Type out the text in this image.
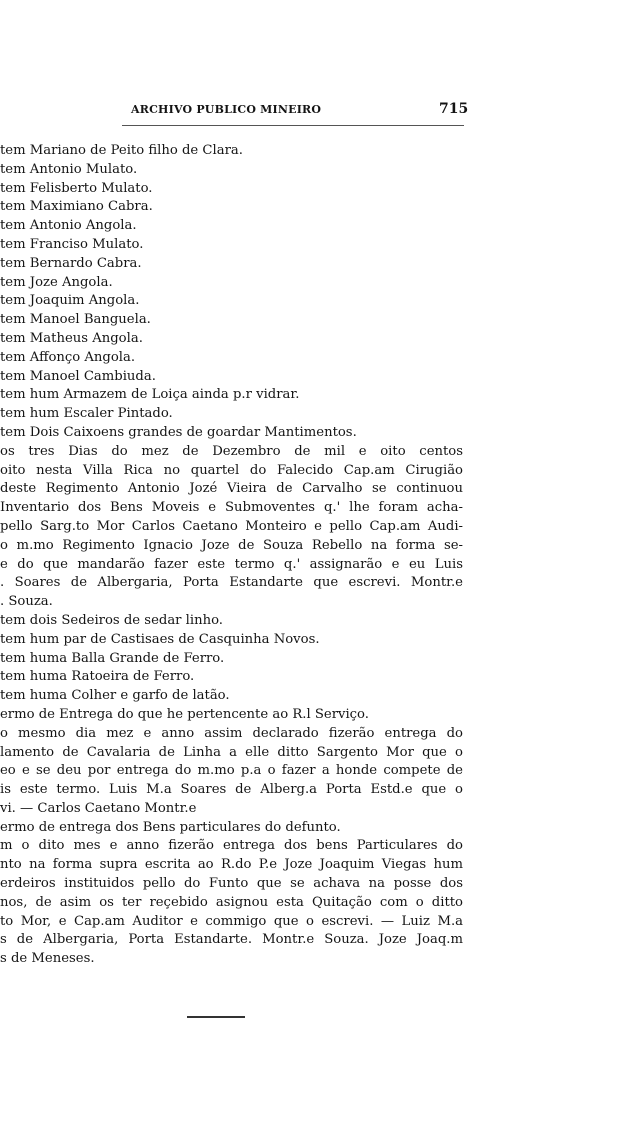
ARCHIVO PUBLICO MINEIRO	715
tem Mariano de Peito filho de Clara.
tem Antonio Mulato.
tem Felisberto Mulato.
tem Maximiano Cabra.
tem Antonio Angola.
tem Franciso Mulato.
tem Bernardo Cabra.
tem Joze Angola.
tem Joaquim Angola.
tem Manoel Banguela.
tem Matheus Angola.
tem Affonço Angola.
tem Manoel Cambiuda.
tem hum Armazem de Loiça ainda p.r vidrar.
tem hum Escaler Pintado.
tem Dois Caixoens grandes de goardar Mantimentos.
os tres Dias do mez de Dezembro de mil e oito centos
oito nesta Villa Rica no quartel do Falecido Cap.am Cirugião
deste Regimento Antonio Jozé Vieira de Carvalho se continuou
Inventario dos Bens Moveis e Submoventes q.' lhe foram acha-
pello Sarg.to Mor Carlos Caetano Monteiro e pello Cap.am Audi-
o m.mo Regimento Ignacio Joze de Souza Rebello na forma se-
e do que mandarão fazer este termo q.' assignarão e eu Luis
. Soares de Albergaria, Porta Estandarte que escrevi. Montr.e
. Souza.
tem dois Sedeiros de sedar linho.
tem hum par de Castisaes de Casquinha Novos.
tem huma Balla Grande de Ferro.
tem huma Ratoeira de Ferro.
tem huma Colher e garfo de latão.
ermo de Entrega do que he pertencente ao R.l Serviço.
o mesmo dia mez e anno assim declarado fizerão entrega do
lamento de Cavalaria de Linha a elle ditto Sargento Mor que o
eo e se deu por entrega do m.mo p.a o fazer a honde compete de
is este termo. Luis M.a Soares de Alberg.a Porta Estd.e que o
vi. — Carlos Caetano Montr.e
ermo de entrega dos Bens particulares do defunto.
m o dito mes e anno fizerão entrega dos bens Particulares do
nto na forma supra escrita ao R.do P.e Joze Joaquim Viegas hum
erdeiros instituidos pello do Funto que se achava na posse dos
nos, de asim os ter reçebido asignou esta Quitação com o ditto
to Mor, e Cap.am Auditor e commigo que o escrevi. — Luiz M.a
s de Albergaria, Porta Estandarte. Montr.e Souza. Joze Joaq.m
s de Meneses.
